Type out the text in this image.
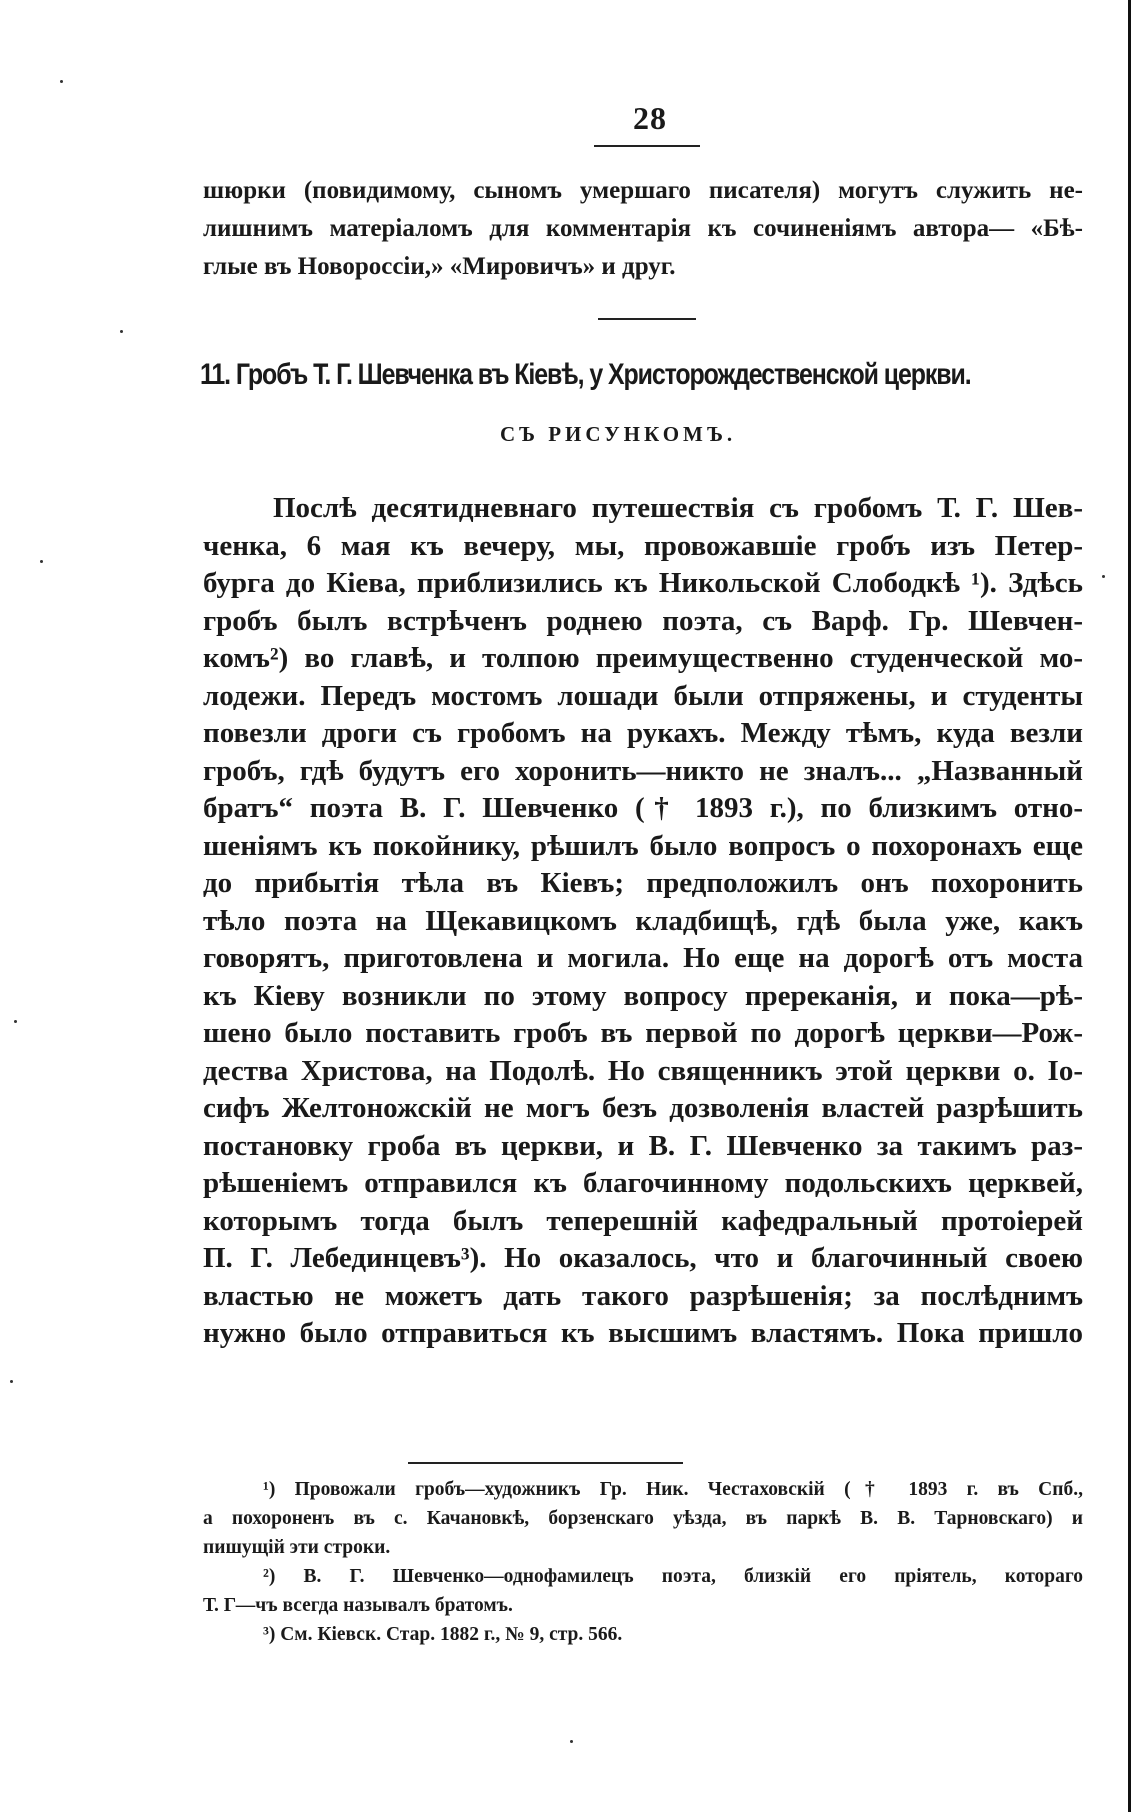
28
шюрки (повидимому, сыномъ умершаго писателя) могутъ служить не-
лишнимъ матеріаломъ для комментарія къ сочиненіямъ автора— «Бѣ-
глые въ Новороссіи,» «Мировичъ» и друг.
11. Гробъ Т. Г. Шевченка въ Кіевѣ, у Христорождественской церкви.
СЪ РИСУНКОМЪ.
Послѣ десятидневнаго путешествія съ гробомъ Т. Г. Шев-
ченка, 6 мая къ вечеру, мы, провожавшіе гробъ изъ Петер-
бурга до Кіева, приблизились къ Никольской Слободкѣ ¹). Здѣсь
гробъ былъ встрѣченъ роднею поэта, съ Варф. Гр. Шевчен-
комъ²) во главѣ, и толпою преимущественно студенческой мо-
лодежи. Передъ мостомъ лошади были отпряжены, и студенты
повезли дроги съ гробомъ на рукахъ. Между тѣмъ, куда везли
гробъ, гдѣ будутъ его хоронить—никто не зналъ... „Названный
братъ“ поэта В. Г. Шевченко († 1893 г.), по близкимъ отно-
шеніямъ къ покойнику, рѣшилъ было вопросъ о похоронахъ еще
до прибытія тѣла въ Кіевъ; предположилъ онъ похоронить
тѣло поэта на Щекавицкомъ кладбищѣ, гдѣ была уже, какъ
говорятъ, приготовлена и могила. Но еще на дорогѣ отъ моста
къ Кіеву возникли по этому вопросу пререканія, и пока—рѣ-
шено было поставить гробъ въ первой по дорогѣ церкви—Рож-
дества Христова, на Подолѣ. Но священникъ этой церкви о. Іо-
сифъ Желтоножскій не могъ безъ дозволенія властей разрѣшить
постановку гроба въ церкви, и В. Г. Шевченко за такимъ раз-
рѣшеніемъ отправился къ благочинному подольскихъ церквей,
которымъ тогда былъ теперешній кафедральный протоіерей
П. Г. Лебединцевъ³). Но оказалось, что и благочинный своею
властью не можетъ дать такого разрѣшенія; за послѣднимъ
нужно было отправиться къ высшимъ властямъ. Пока пришло
¹) Провожали гробъ—художникъ Гр. Ник. Честаховскій († 1893 г. въ Спб.,
а похороненъ въ с. Качановкѣ, борзенскаго уѣзда, въ паркѣ В. В. Тарновскаго) и
пишущій эти строки.
²) В. Г. Шевченко—однофамилецъ поэта, близкій его пріятель, котораго
Т. Г—чъ всегда называлъ братомъ.
³) См. Кіевск. Стар. 1882 г., № 9, стр. 566.
